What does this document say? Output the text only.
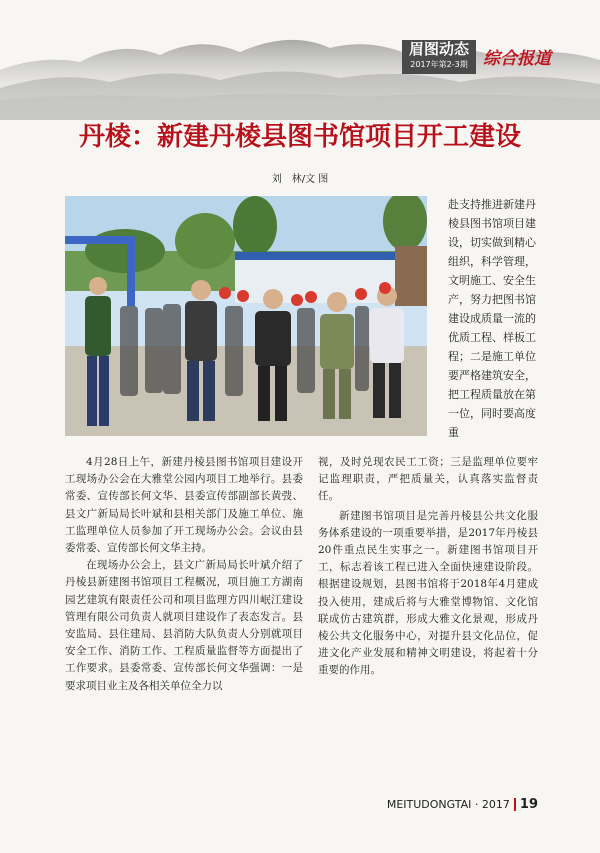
眉图动态
2017年第2-3期 综合报道
丹棱：新建丹棱县图书馆项目开工建设
刘　林/文 图

赴支持推进新建丹棱县图书馆项目建设，切实做到精心组织，科学管理，文明施工、安全生产，努力把图书馆建设成质量一流的优质工程、样板工程；二是施工单位要严格建筑安全，把工程质量放在第一位，同时要高度重

4月28日上午，新建丹棱县图书馆项目建设开工现场办公会在大雅堂公园内项目工地举行。县委常委、宣传部长何文华、县委宣传部副部长黄弢、县文广新局局长叶斌和县相关部门及施工单位、施工监理单位人员参加了开工现场办公会。会议由县委常委、宣传部长何文华主持。

在现场办公会上，县文广新局局长叶斌介绍了丹棱县新建图书馆项目工程概况，项目施工方湖南园艺建筑有限责任公司和项目监理方四川岷江建设管理有限公司负责人就项目建设作了表态发言。县安监局、县住建局、县消防大队负责人分别就项目安全工作、消防工作、工程质量监督等方面提出了工作要求。县委常委、宣传部长何文华强调：一是要求项目业主及各相关单位全力以

视，及时兑现农民工工资；三是监理单位要牢记监理职责，严把质量关，认真落实监督责任。

新建图书馆项目是完善丹棱县公共文化服务体系建设的一项重要举措，是2017年丹棱县20件重点民生实事之一。新建图书馆项目开工，标志着该工程已进入全面快速建设阶段。根据建设规划，县图书馆将于2018年4月建成投入使用，建成后将与大雅堂博物馆、文化馆联成仿古建筑群，形成大雅文化景观，形成丹棱公共文化服务中心，对提升县文化品位，促进文化产业发展和精神文明建设，将起着十分重要的作用。

MEITUDONGTAI · 2017 19
